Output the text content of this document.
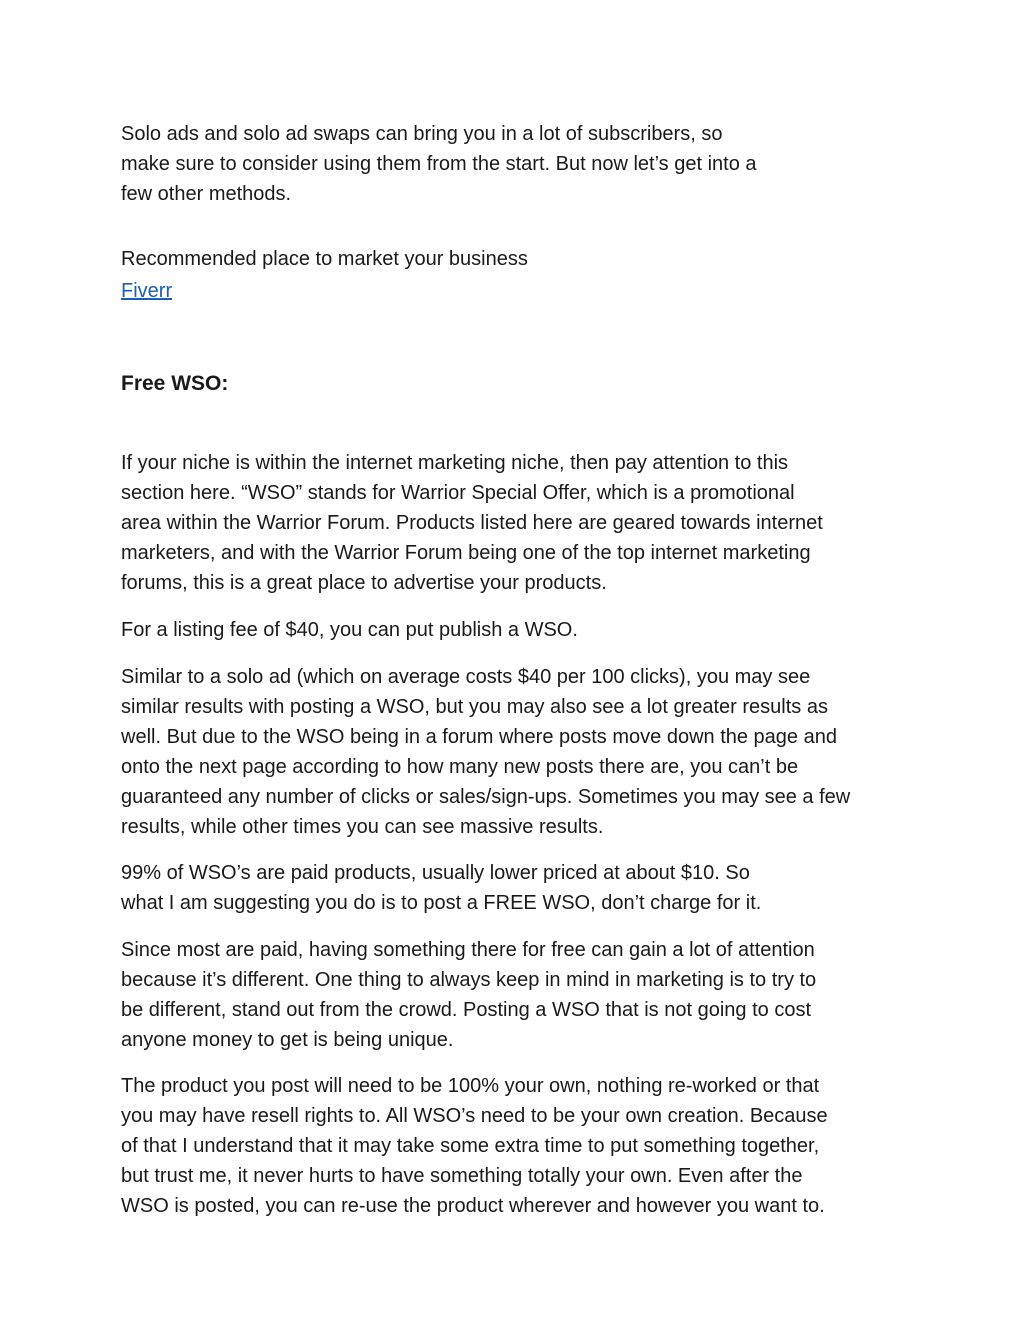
Solo ads and solo ad swaps can bring you in a lot of subscribers, so
make sure to consider using them from the start. But now let’s get into a
few other methods.

Recommended place to market your business
Fiverr

Free WSO:

If your niche is within the internet marketing niche, then pay attention to this
section here. “WSO” stands for Warrior Special Offer, which is a promotional
area within the Warrior Forum. Products listed here are geared towards internet
marketers, and with the Warrior Forum being one of the top internet marketing
forums, this is a great place to advertise your products.

For a listing fee of $40, you can put publish a WSO.

Similar to a solo ad (which on average costs $40 per 100 clicks), you may see
similar results with posting a WSO, but you may also see a lot greater results as
well. But due to the WSO being in a forum where posts move down the page and
onto the next page according to how many new posts there are, you can’t be
guaranteed any number of clicks or sales/sign-ups. Sometimes you may see a few
results, while other times you can see massive results.

99% of WSO’s are paid products, usually lower priced at about $10. So
what I am suggesting you do is to post a FREE WSO, don’t charge for it.

Since most are paid, having something there for free can gain a lot of attention
because it’s different. One thing to always keep in mind in marketing is to try to
be different, stand out from the crowd. Posting a WSO that is not going to cost
anyone money to get is being unique.

The product you post will need to be 100% your own, nothing re-worked or that
you may have resell rights to. All WSO’s need to be your own creation. Because
of that I understand that it may take some extra time to put something together,
but trust me, it never hurts to have something totally your own. Even after the
WSO is posted, you can re-use the product wherever and however you want to.
